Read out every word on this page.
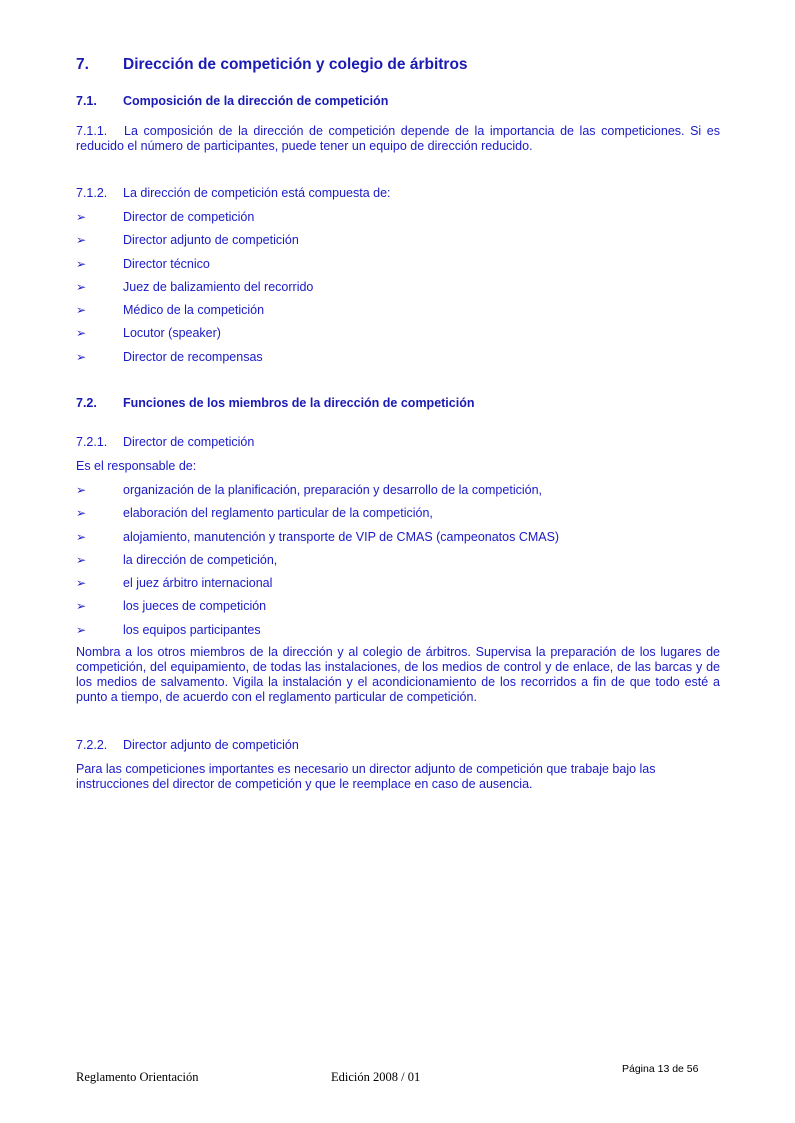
7. Dirección de competición y colegio de árbitros
7.1. Composición de la dirección de competición
7.1.1. La composición de la dirección de competición depende de la importancia de las competiciones. Si es reducido el número de participantes, puede tener un equipo de dirección reducido.
7.1.2. La dirección de competición está compuesta de:
➢	Director de competición
➢	Director adjunto de competición
➢	Director técnico
➢	Juez de balizamiento del recorrido
➢	Médico de la competición
➢	Locutor (speaker)
➢	Director de recompensas
7.2. Funciones de los miembros de la dirección de competición
7.2.1. Director de competición
Es el responsable de:
➢	organización de la planificación, preparación y desarrollo de la competición,
➢	elaboración del reglamento particular de la competición,
➢	alojamiento, manutención y transporte de VIP de CMAS (campeonatos CMAS)
➢	la dirección de competición,
➢	el juez árbitro internacional
➢	los jueces de competición
➢	los equipos participantes
Nombra a los otros miembros de la dirección y al colegio de árbitros. Supervisa la preparación de los lugares de competición, del equipamiento, de todas las instalaciones, de los medios de control y de enlace, de las barcas y de los medios de salvamento. Vigila la instalación y el acondicionamiento de los recorridos a fin de que todo esté a punto a tiempo, de acuerdo con el reglamento particular de competición.
7.2.2. Director adjunto de competición
Para las competiciones importantes es necesario un director adjunto de competición que trabaje bajo las instrucciones del director de competición y que le reemplace en caso de ausencia.
Página 13 de 56
Reglamento Orientación	Edición 2008 / 01
